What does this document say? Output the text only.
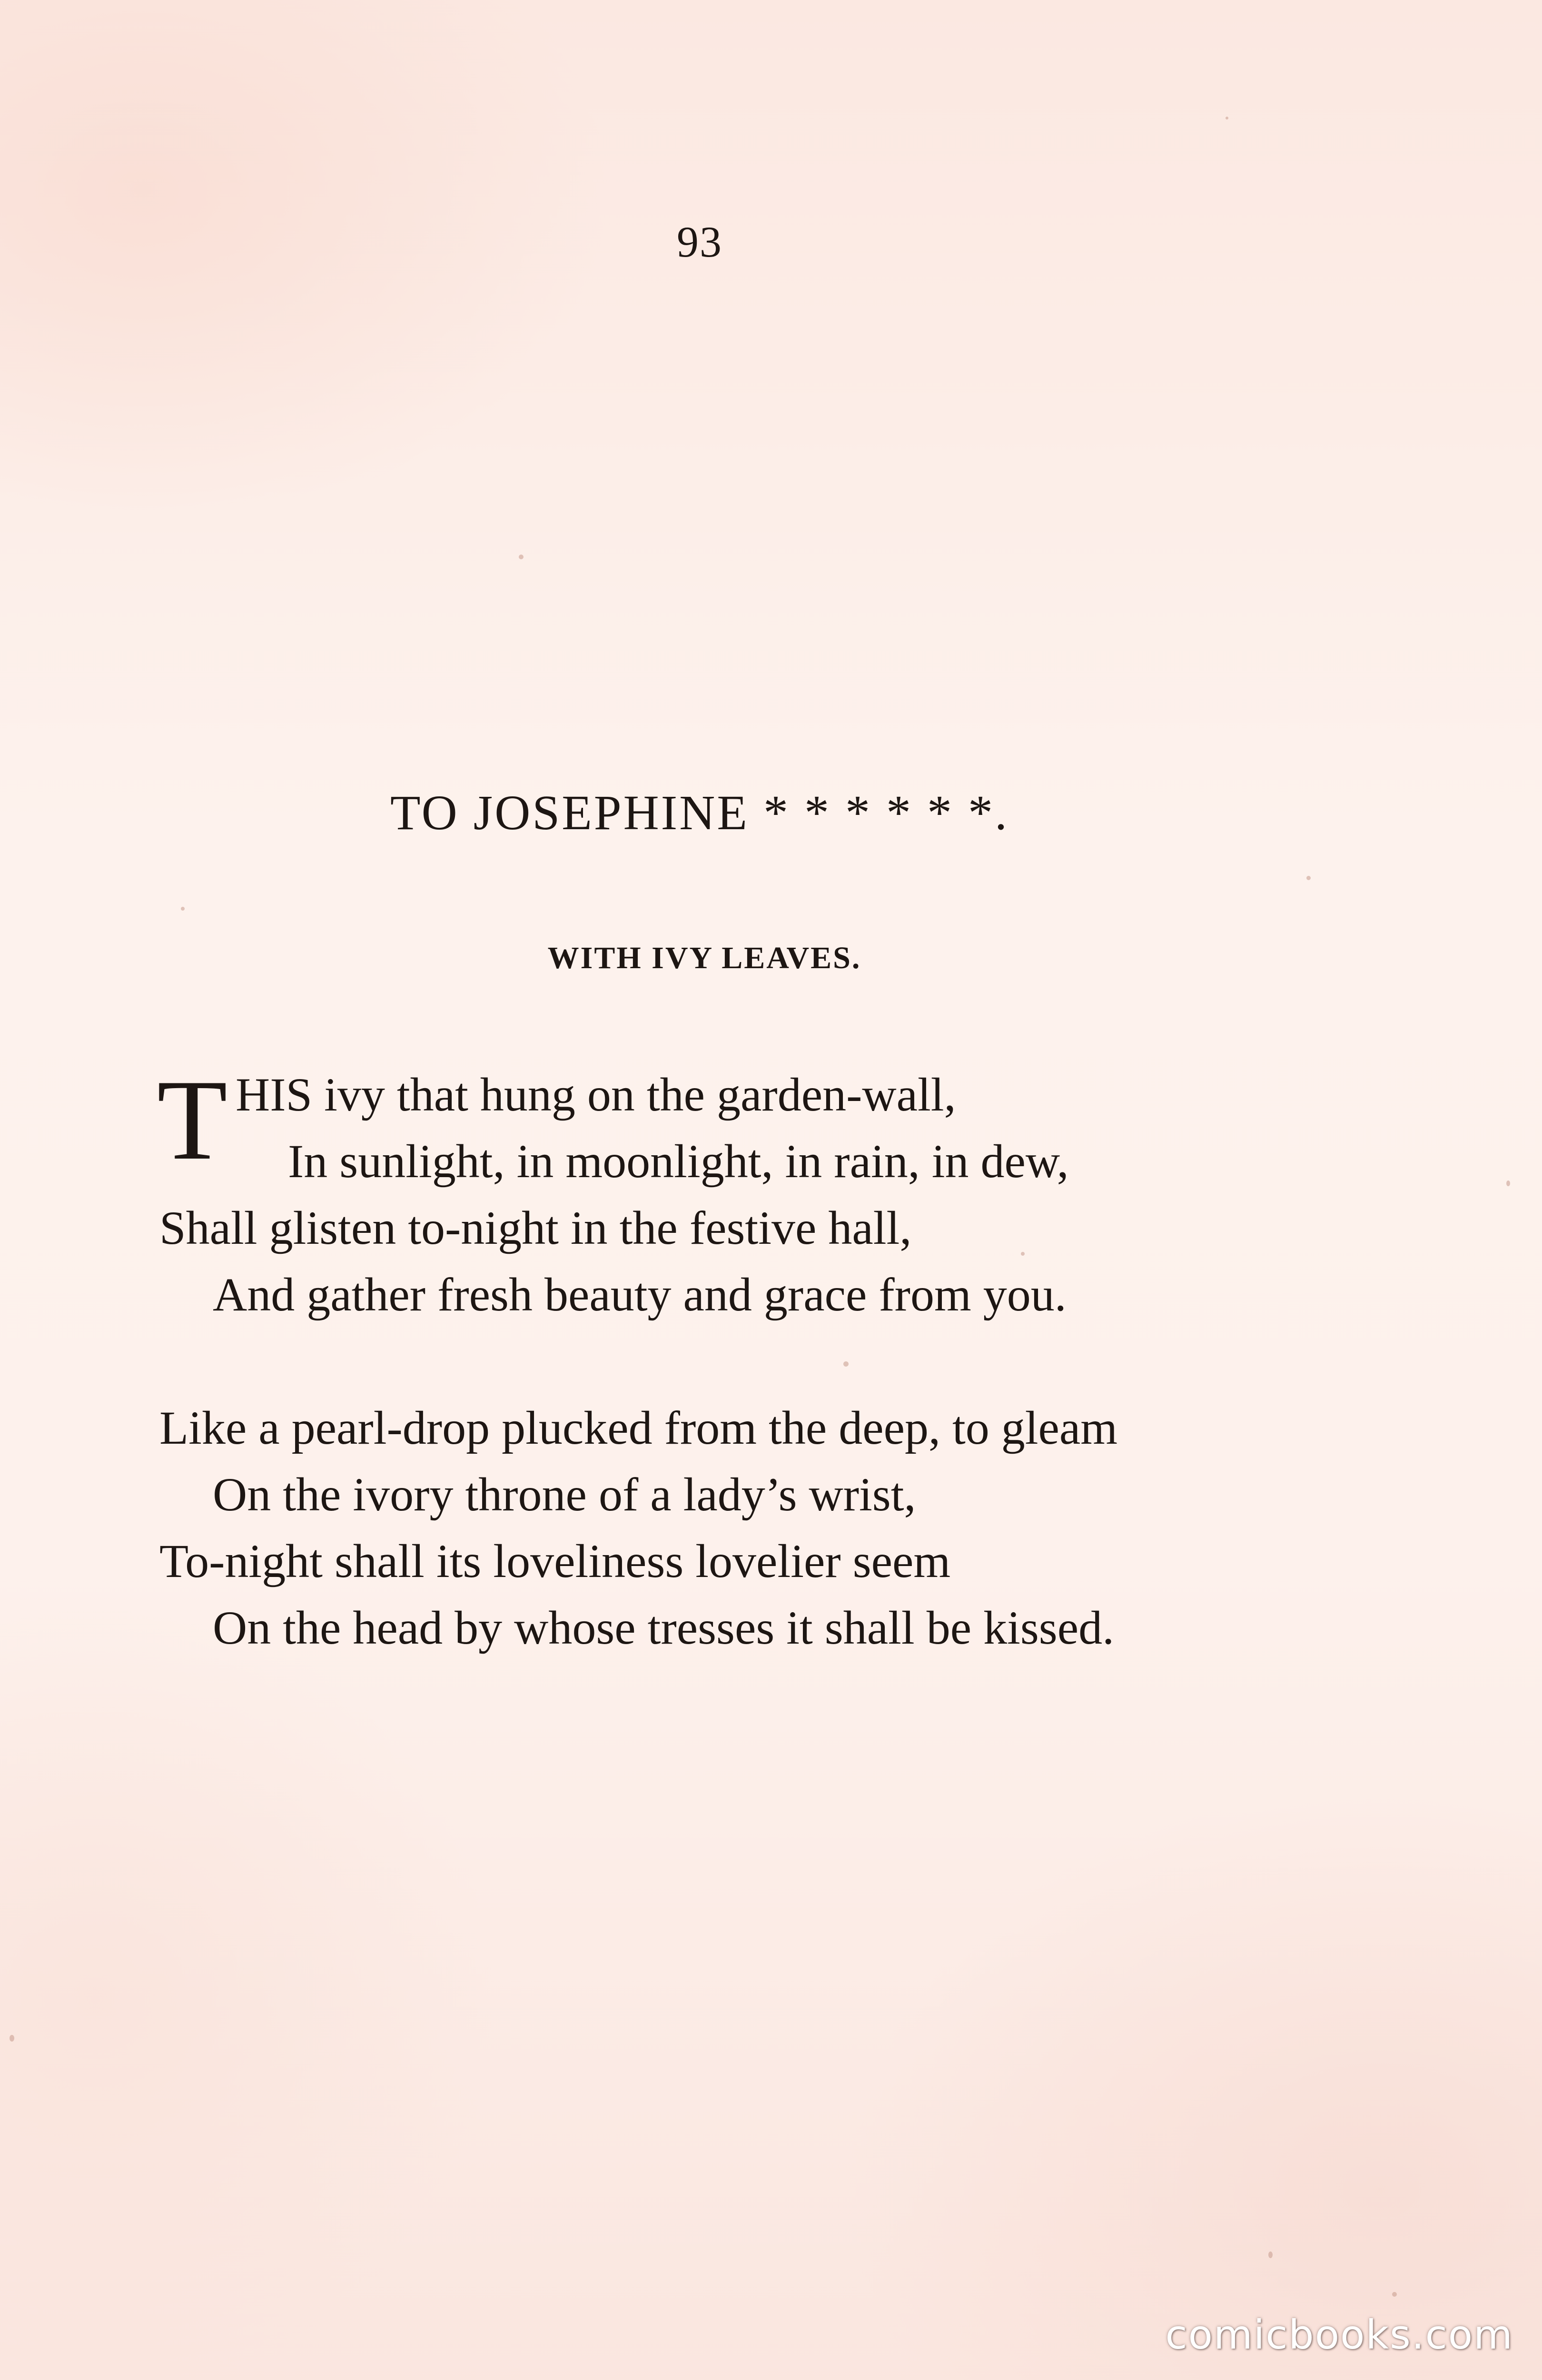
93
TO JOSEPHINE * * * * * *.
WITH IVY LEAVES.
T HIS ivy that hung on the garden-wall,
In sunlight, in moonlight, in rain, in dew,
Shall glisten to-night in the festive hall,
And gather fresh beauty and grace from you.
Like a pearl-drop plucked from the deep, to gleam
On the ivory throne of a lady’s wrist,
To-night shall its loveliness lovelier seem
On the head by whose tresses it shall be kissed.
comicbooks.com
